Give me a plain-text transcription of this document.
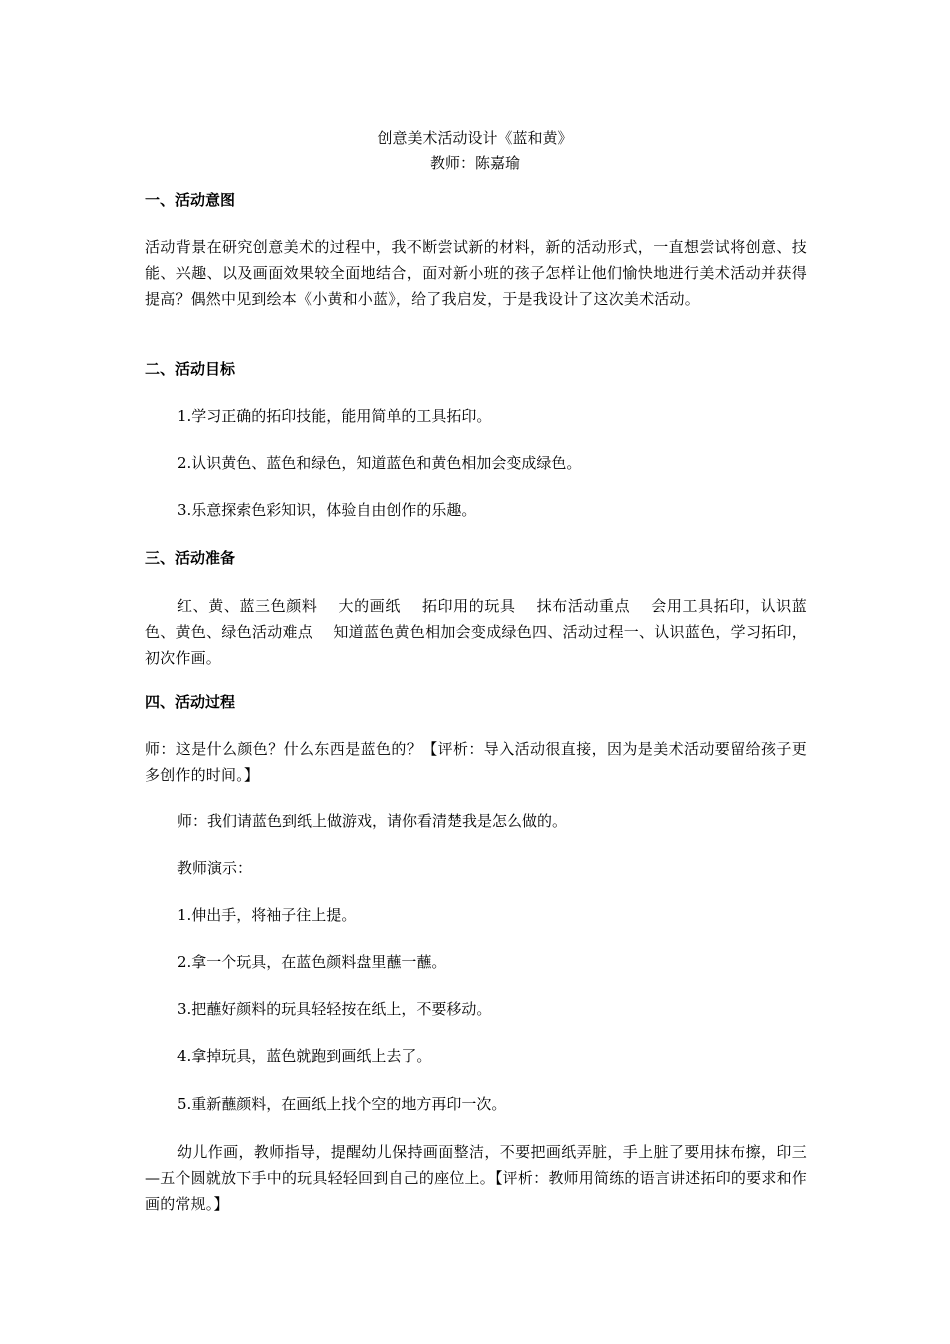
创意美术活动设计《蓝和黄》
教师：陈嘉瑜
一、活动意图
活动背景在研究创意美术的过程中，我不断尝试新的材料，新的活动形式，一直想尝试将创意、技能、兴趣、以及画面效果较全面地结合，面对新小班的孩子怎样让他们愉快地进行美术活动并获得提高？偶然中见到绘本《小黄和小蓝》，给了我启发，于是我设计了这次美术活动。
二、活动目标
1.学习正确的拓印技能，能用简单的工具拓印。
2.认识黄色、蓝色和绿色，知道蓝色和黄色相加会变成绿色。
3.乐意探索色彩知识，体验自由创作的乐趣。
三、活动准备
红、黄、蓝三色颜料　 大的画纸　 拓印用的玩具　 抹布活动重点　 会用工具拓印，认识蓝色、黄色、绿色活动难点　 知道蓝色黄色相加会变成绿色四、活动过程一、认识蓝色，学习拓印，初次作画。
四、活动过程
师：这是什么颜色？什么东西是蓝色的？【评析：导入活动很直接，因为是美术活动要留给孩子更多创作的时间。】
师：我们请蓝色到纸上做游戏，请你看清楚我是怎么做的。
教师演示：
1.伸出手，将袖子往上提。
2.拿一个玩具，在蓝色颜料盘里蘸一蘸。
3.把蘸好颜料的玩具轻轻按在纸上，不要移动。
4.拿掉玩具，蓝色就跑到画纸上去了。
5.重新蘸颜料，在画纸上找个空的地方再印一次。
幼儿作画，教师指导，提醒幼儿保持画面整洁，不要把画纸弄脏，手上脏了要用抹布擦，印三—五个圆就放下手中的玩具轻轻回到自己的座位上。【评析：教师用简练的语言讲述拓印的要求和作画的常规。】
